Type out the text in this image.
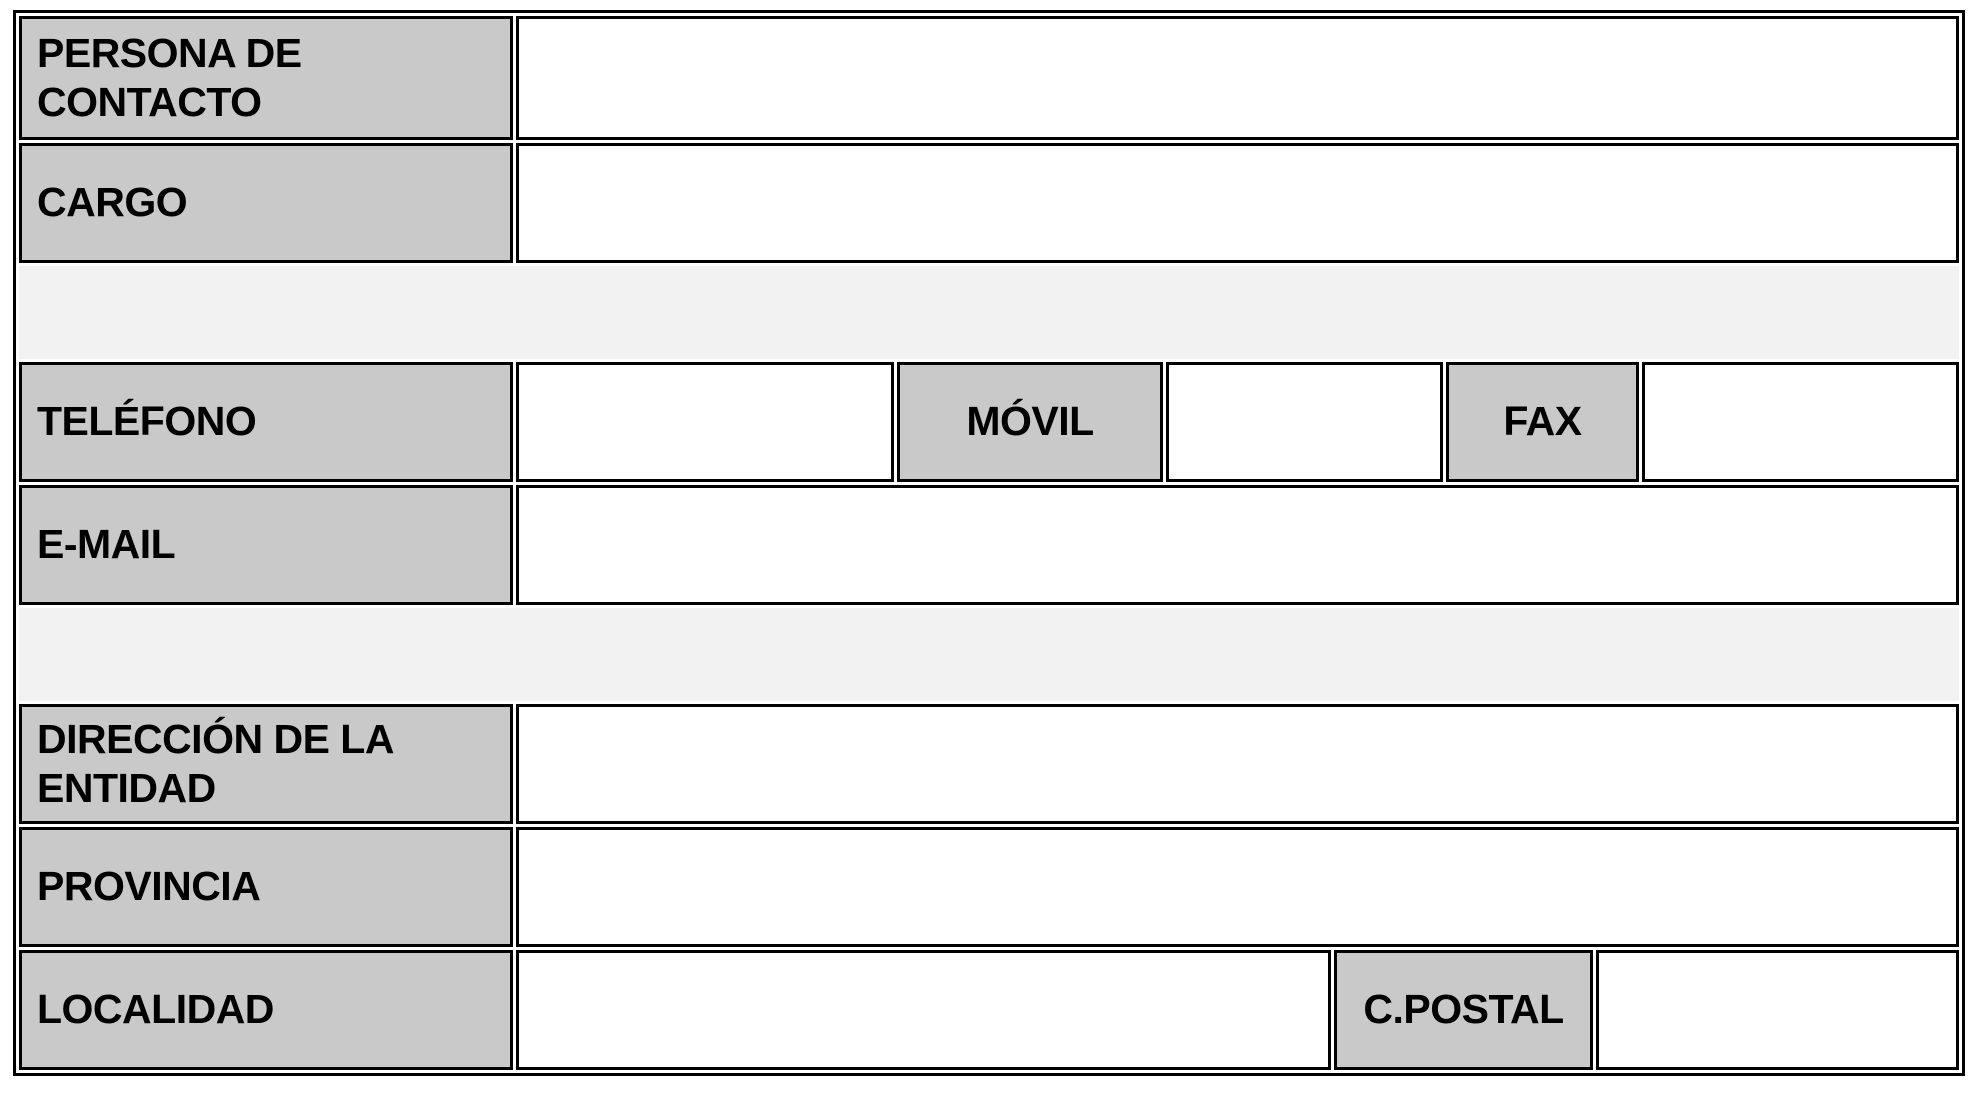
PERSONA DE CONTACTO							
CARGO							

TELÉFONO		MÓVIL			FAX		
E-MAIL							

DIRECCIÓN DE LA ENTIDAD							
PROVINCIA							
LOCALIDAD				C.POSTAL			
